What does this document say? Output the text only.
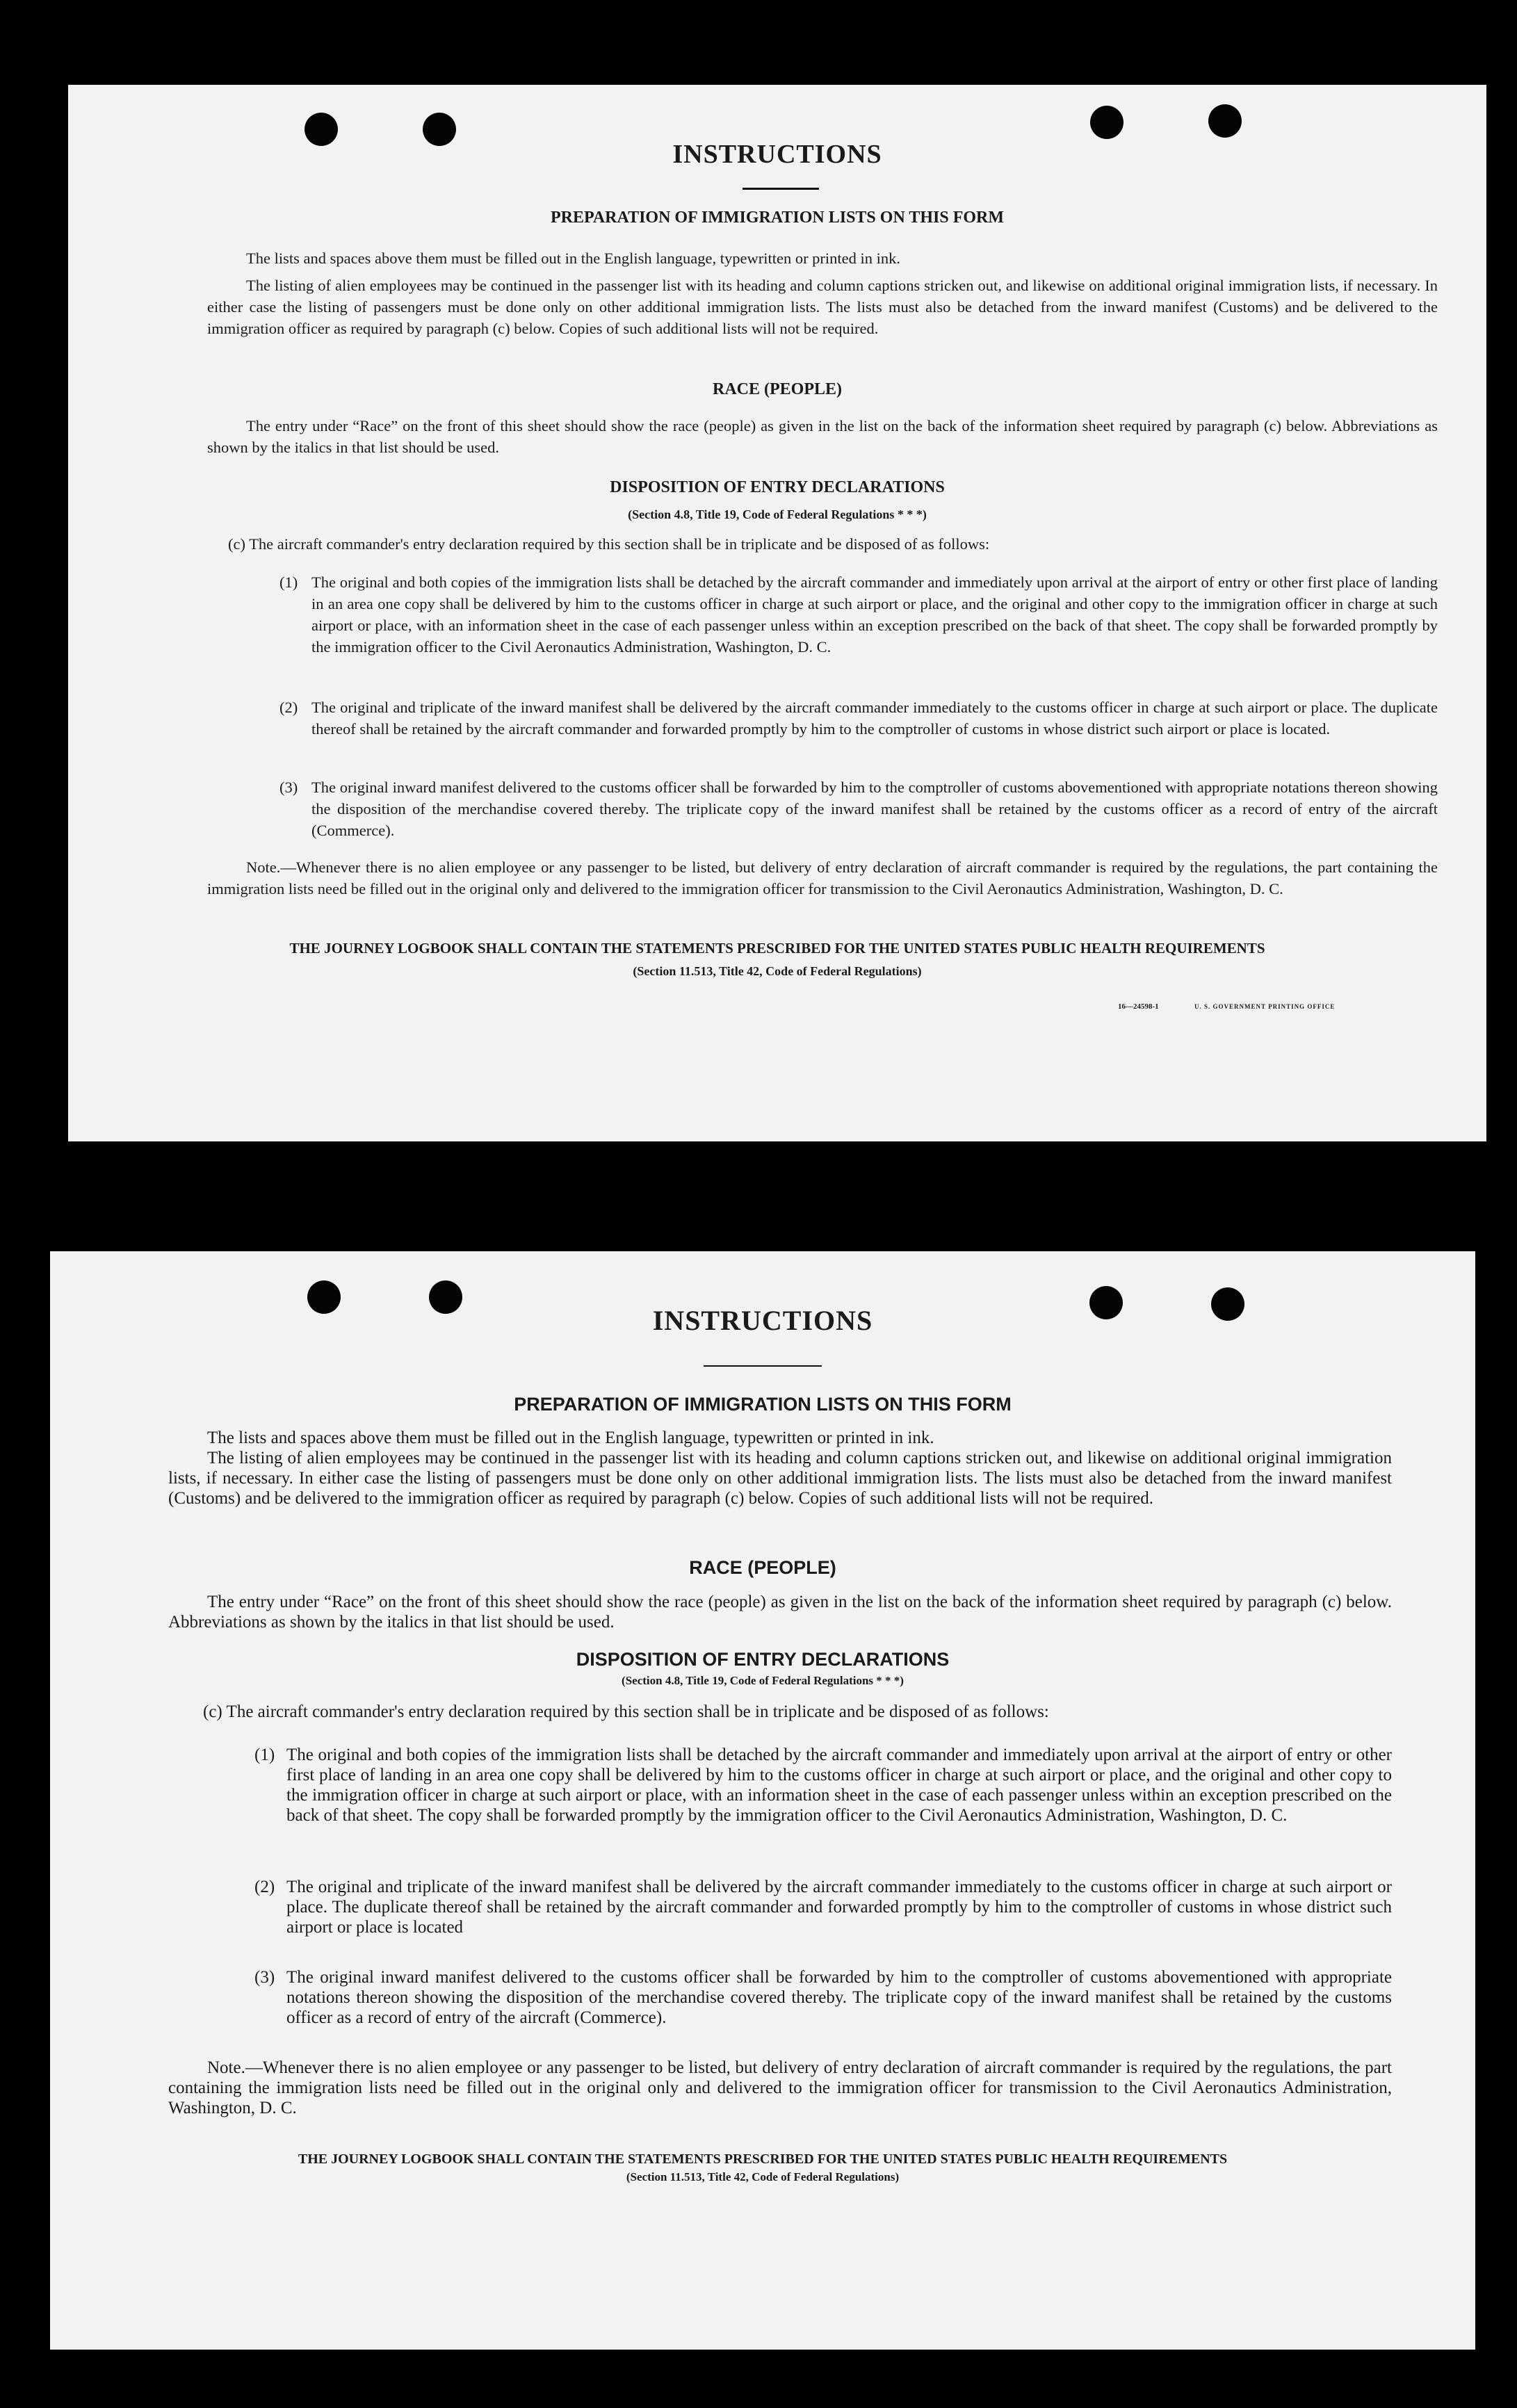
INSTRUCTIONS
PREPARATION OF IMMIGRATION LISTS ON THIS FORM

The lists and spaces above them must be filled out in the English language, typewritten or printed in ink.

The listing of alien employees may be continued in the passenger list with its heading and column captions stricken out, and likewise on additional original immigration lists, if necessary. In either case the listing of passengers must be done only on other additional immigration lists. The lists must also be detached from the inward manifest (Customs) and be delivered to the immigration officer as required by paragraph (c) below. Copies of such additional lists will not be required.

RACE (PEOPLE)

The entry under “Race” on the front of this sheet should show the race (people) as given in the list on the back of the information sheet required by paragraph (c) below. Abbreviations as shown by the italics in that list should be used.

DISPOSITION OF ENTRY DECLARATIONS
(Section 4.8, Title 19, Code of Federal Regulations * * *)

(c) The aircraft commander's entry declaration required by this section shall be in triplicate and be disposed of as follows:

(1) The original and both copies of the immigration lists shall be detached by the aircraft commander and immediately upon arrival at the airport of entry or other first place of landing in an area one copy shall be delivered by him to the customs officer in charge at such airport or place, and the original and other copy to the immigration officer in charge at such airport or place, with an information sheet in the case of each passenger unless within an exception prescribed on the back of that sheet. The copy shall be forwarded promptly by the immigration officer to the Civil Aeronautics Administration, Washington, D. C.
(2) The original and triplicate of the inward manifest shall be delivered by the aircraft commander immediately to the customs officer in charge at such airport or place. The duplicate thereof shall be retained by the aircraft commander and forwarded promptly by him to the comptroller of customs in whose district such airport or place is located.
(3) The original inward manifest delivered to the customs officer shall be forwarded by him to the comptroller of customs abovementioned with appropriate notations thereon showing the disposition of the merchandise covered thereby. The triplicate copy of the inward manifest shall be retained by the customs officer as a record of entry of the aircraft (Commerce).

Note.—Whenever there is no alien employee or any passenger to be listed, but delivery of entry declaration of aircraft commander is required by the regulations, the part containing the immigration lists need be filled out in the original only and delivered to the immigration officer for transmission to the Civil Aeronautics Administration, Washington, D. C.

THE JOURNEY LOGBOOK SHALL CONTAIN THE STATEMENTS PRESCRIBED FOR THE UNITED STATES PUBLIC HEALTH REQUIREMENTS
(Section 11.513, Title 42, Code of Federal Regulations)
16—24598-1	U. S. GOVERNMENT PRINTING OFFICE
INSTRUCTIONS
PREPARATION OF IMMIGRATION LISTS ON THIS FORM

The lists and spaces above them must be filled out in the English language, typewritten or printed in ink.

The listing of alien employees may be continued in the passenger list with its heading and column captions stricken out, and likewise on additional original immigration lists, if necessary. In either case the listing of passengers must be done only on other additional immigration lists. The lists must also be detached from the inward manifest (Customs) and be delivered to the immigration officer as required by paragraph (c) below. Copies of such additional lists will not be required.

RACE (PEOPLE)

The entry under “Race” on the front of this sheet should show the race (people) as given in the list on the back of the information sheet required by paragraph (c) below. Abbreviations as shown by the italics in that list should be used.

DISPOSITION OF ENTRY DECLARATIONS
(Section 4.8, Title 19, Code of Federal Regulations * * *)

(c) The aircraft commander's entry declaration required by this section shall be in triplicate and be disposed of as follows:

(1) The original and both copies of the immigration lists shall be detached by the aircraft commander and immediately upon arrival at the airport of entry or other first place of landing in an area one copy shall be delivered by him to the customs officer in charge at such airport or place, and the original and other copy to the immigration officer in charge at such airport or place, with an information sheet in the case of each passenger unless within an exception prescribed on the back of that sheet. The copy shall be forwarded promptly by the immigration officer to the Civil Aeronautics Administration, Washington, D. C.
(2) The original and triplicate of the inward manifest shall be delivered by the aircraft commander immediately to the customs officer in charge at such airport or place. The duplicate thereof shall be retained by the aircraft commander and forwarded promptly by him to the comptroller of customs in whose district such airport or place is located
(3) The original inward manifest delivered to the customs officer shall be forwarded by him to the comptroller of customs abovementioned with appropriate notations thereon showing the disposition of the merchandise covered thereby. The triplicate copy of the inward manifest shall be retained by the customs officer as a record of entry of the aircraft (Commerce).

Note.—Whenever there is no alien employee or any passenger to be listed, but delivery of entry declaration of aircraft commander is required by the regulations, the part containing the immigration lists need be filled out in the original only and delivered to the immigration officer for transmission to the Civil Aeronautics Administration, Washington, D. C.

THE JOURNEY LOGBOOK SHALL CONTAIN THE STATEMENTS PRESCRIBED FOR THE UNITED STATES PUBLIC HEALTH REQUIREMENTS
(Section 11.513, Title 42, Code of Federal Regulations)
